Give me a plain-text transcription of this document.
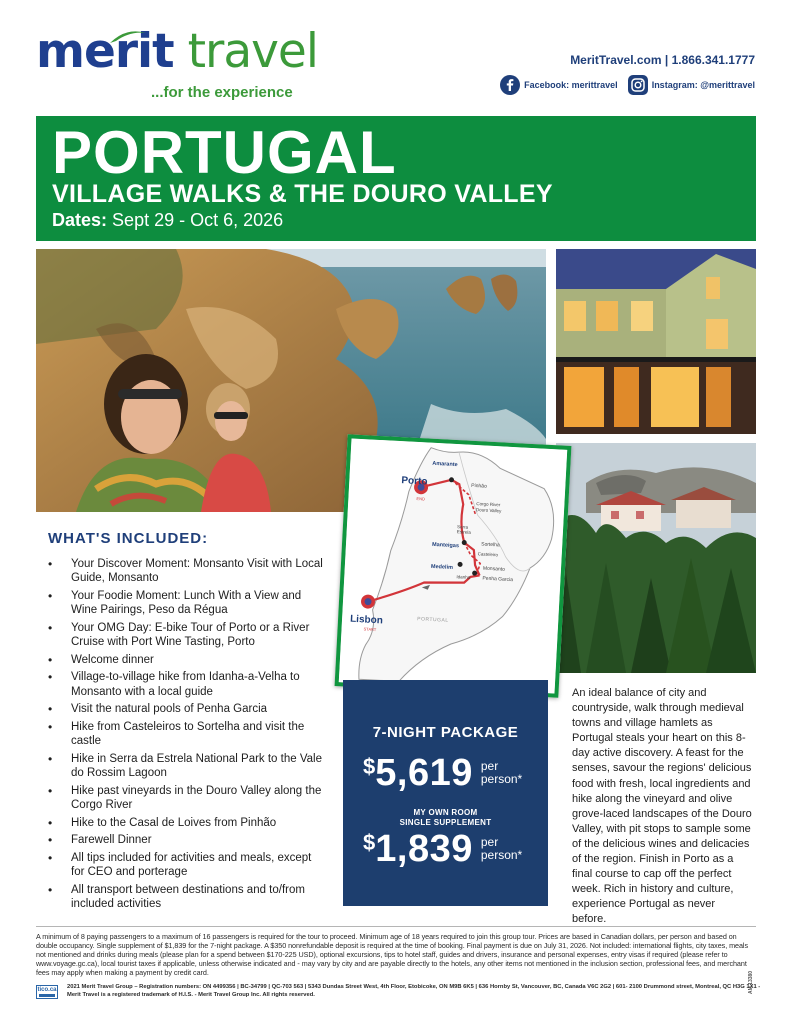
merit travel
...for the experience
MeritTravel.com | 1.866.341.1777
Facebook: merittravel	Instagram: @merittravel
PORTUGAL
VILLAGE WALKS & THE DOURO VALLEY
Dates: Sept 29 - Oct 6, 2026
Porto
END
Amarante
Pinhão
Corgo River
Douro Valley
Serra
Estrela
Manteigas	Sortelha
Casteleiro
Medelim	Monsanto
Idanha Penha Garcia
Lisbon
START
PORTUGAL
WHAT'S INCLUDED:
• Your Discover Moment: Monsanto Visit with Local Guide, Monsanto
• Your Foodie Moment: Lunch With a View and Wine Pairings, Peso da Régua
• Your OMG Day: E-bike Tour of Porto or a River Cruise with Port Wine Tasting, Porto
• Welcome dinner
• Village-to-village hike from Idanha-a-Velha to Monsanto with a local guide
• Visit the natural pools of Penha Garcia
• Hike from Casteleiros to Sortelha and visit the castle
• Hike in Serra da Estrela National Park to the Vale do Rossim Lagoon
• Hike past vineyards in the Douro Valley along the Corgo River
• Hike to the Casal de Loives from Pinhão
• Farewell Dinner
• All tips included for activities and meals, except for CEO and porterage
• All transport between destinations and to/from included activities
7-NIGHT PACKAGE
$ 5,619 per
person*
MY OWN ROOM
SINGLE SUPPLEMENT
$ 1,839 per
person*
An ideal balance of city and countryside, walk through medieval towns and village hamlets as Portugal steals your heart on this 8-day active discovery. A feast for the senses, savour the regions' delicious food with fresh, local ingredients and hike along the vineyard and olive grove-laced landscapes of the Douro Valley, with pit stops to sample some of the delicious wines and delicacies of the region. Finish in Porto as a final course to cap off the perfect week. Rich in history and culture, experience Portugal as never before.
A minimum of 8 paying passengers to a maximum of 16 passengers is required for the tour to proceed. Minimum age of 18 years required to join this group tour. Prices are based in Canadian dollars, per person and based on double occupancy. Single supplement of $1,839 for the 7-night package. A $350 nonrefundable deposit is required at the time of booking. Final payment is due on July 31, 2026. Not included: international flights, city taxes, meals not mentioned and drinks during meals (please plan for a spend between $170-225 USD), optional excursions, tips to hotel staff, guides and drivers, insurance and personal expenses, entry visas if required (please refer to www.voyage.gc.ca), local tourist taxes if applicable, unless otherwise indicated and - may vary by city and are payable directly to the hotels, any other items not mentioned in the inclusion section, professional fees, and merchant fees may apply when making a payment by credit card.
tico.ca 2021 Merit Travel Group – Registration numbers: ON 4499356 | BC-34799 | QC-703 563 | 5343 Dundas Street West, 4th Floor, Etobicoke, ON M9B 6K5 | 636 Hornby St, Vancouver, BC, Canada V6C 2G2 | 601- 2100 Drummond street, Montreal, QC H3G 1X1 -
Merit Travel is a registered trademark of H.I.S. - Merit Travel Group Inc. All rights reserved.
AM 13380
